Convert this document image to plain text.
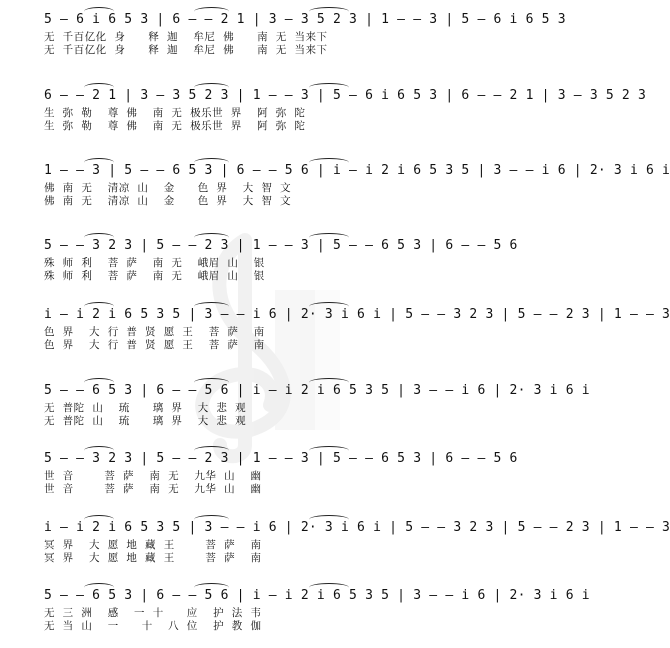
5 – 6 i 6 5 3 | 6 – – 2 1 | 3 – 3 5 2 3 | 1 – – 3 | 5 – 6 i 6 5 3
无  千百亿化  身      释  迦    牟尼  佛      南  无  当来下
无  千百亿化  身      释  迦    牟尼  佛      南  无  当来下
6 – – 2 1 | 3 – 3 5 2 3 | 1 – – 3 | 5 – 6 i 6 5 3 | 6 – – 2 1 | 3 – 3 5 2 3
生  弥  勒    尊  佛    南  无  极乐世  界    阿  弥  陀
生  弥  勒    尊  佛    南  无  极乐世  界    阿  弥  陀
1 – – 3 | 5 – – 6 5 3 | 6 – – 5 6 | i – i 2 i 6 5 3 5 | 3 – – i 6 | 2· 3 i 6 i
佛  南  无    清凉  山    金      色  界    大  智  文
佛  南  无    清凉  山    金      色  界    大  智  文
5 – – 3 2 3 | 5 – – 2 3 | 1 – – 3 | 5 – – 6 5 3 | 6 – – 5 6
殊  师  利    菩  萨    南  无    峨眉  山    银
殊  师  利    菩  萨    南  无    峨眉  山    银
i – i 2 i 6 5 3 5 | 3 – – i 6 | 2· 3 i 6 i | 5 – – 3 2 3 | 5 – – 2 3 | 1 – – 3
色  界    大  行  普  贤  愿  王    菩  萨    南
色  界    大  行  普  贤  愿  王    菩  萨    南
5 – – 6 5 3 | 6 – – 5 6 | i – i 2 i 6 5 3 5 | 3 – – i 6 | 2· 3 i 6 i
无  普陀  山    琉      璃  界    大  悲  观
无  普陀  山    琉      璃  界    大  悲  观
5 – – 3 2 3 | 5 – – 2 3 | 1 – – 3 | 5 – – 6 5 3 | 6 – – 5 6
世  音        菩  萨    南  无    九华  山    幽
世  音        菩  萨    南  无    九华  山    幽
i – i 2 i 6 5 3 5 | 3 – – i 6 | 2· 3 i 6 i | 5 – – 3 2 3 | 5 – – 2 3 | 1 – – 3
冥  界    大  愿  地  藏  王        菩  萨    南
冥  界    大  愿  地  藏  王        菩  萨    南
5 – – 6 5 3 | 6 – – 5 6 | i – i 2 i 6 5 3 5 | 3 – – i 6 | 2· 3 i 6 i
无  三  洲    感    一  十      应    护  法  韦
无  当  山    一      十    八  位    护  教  伽
